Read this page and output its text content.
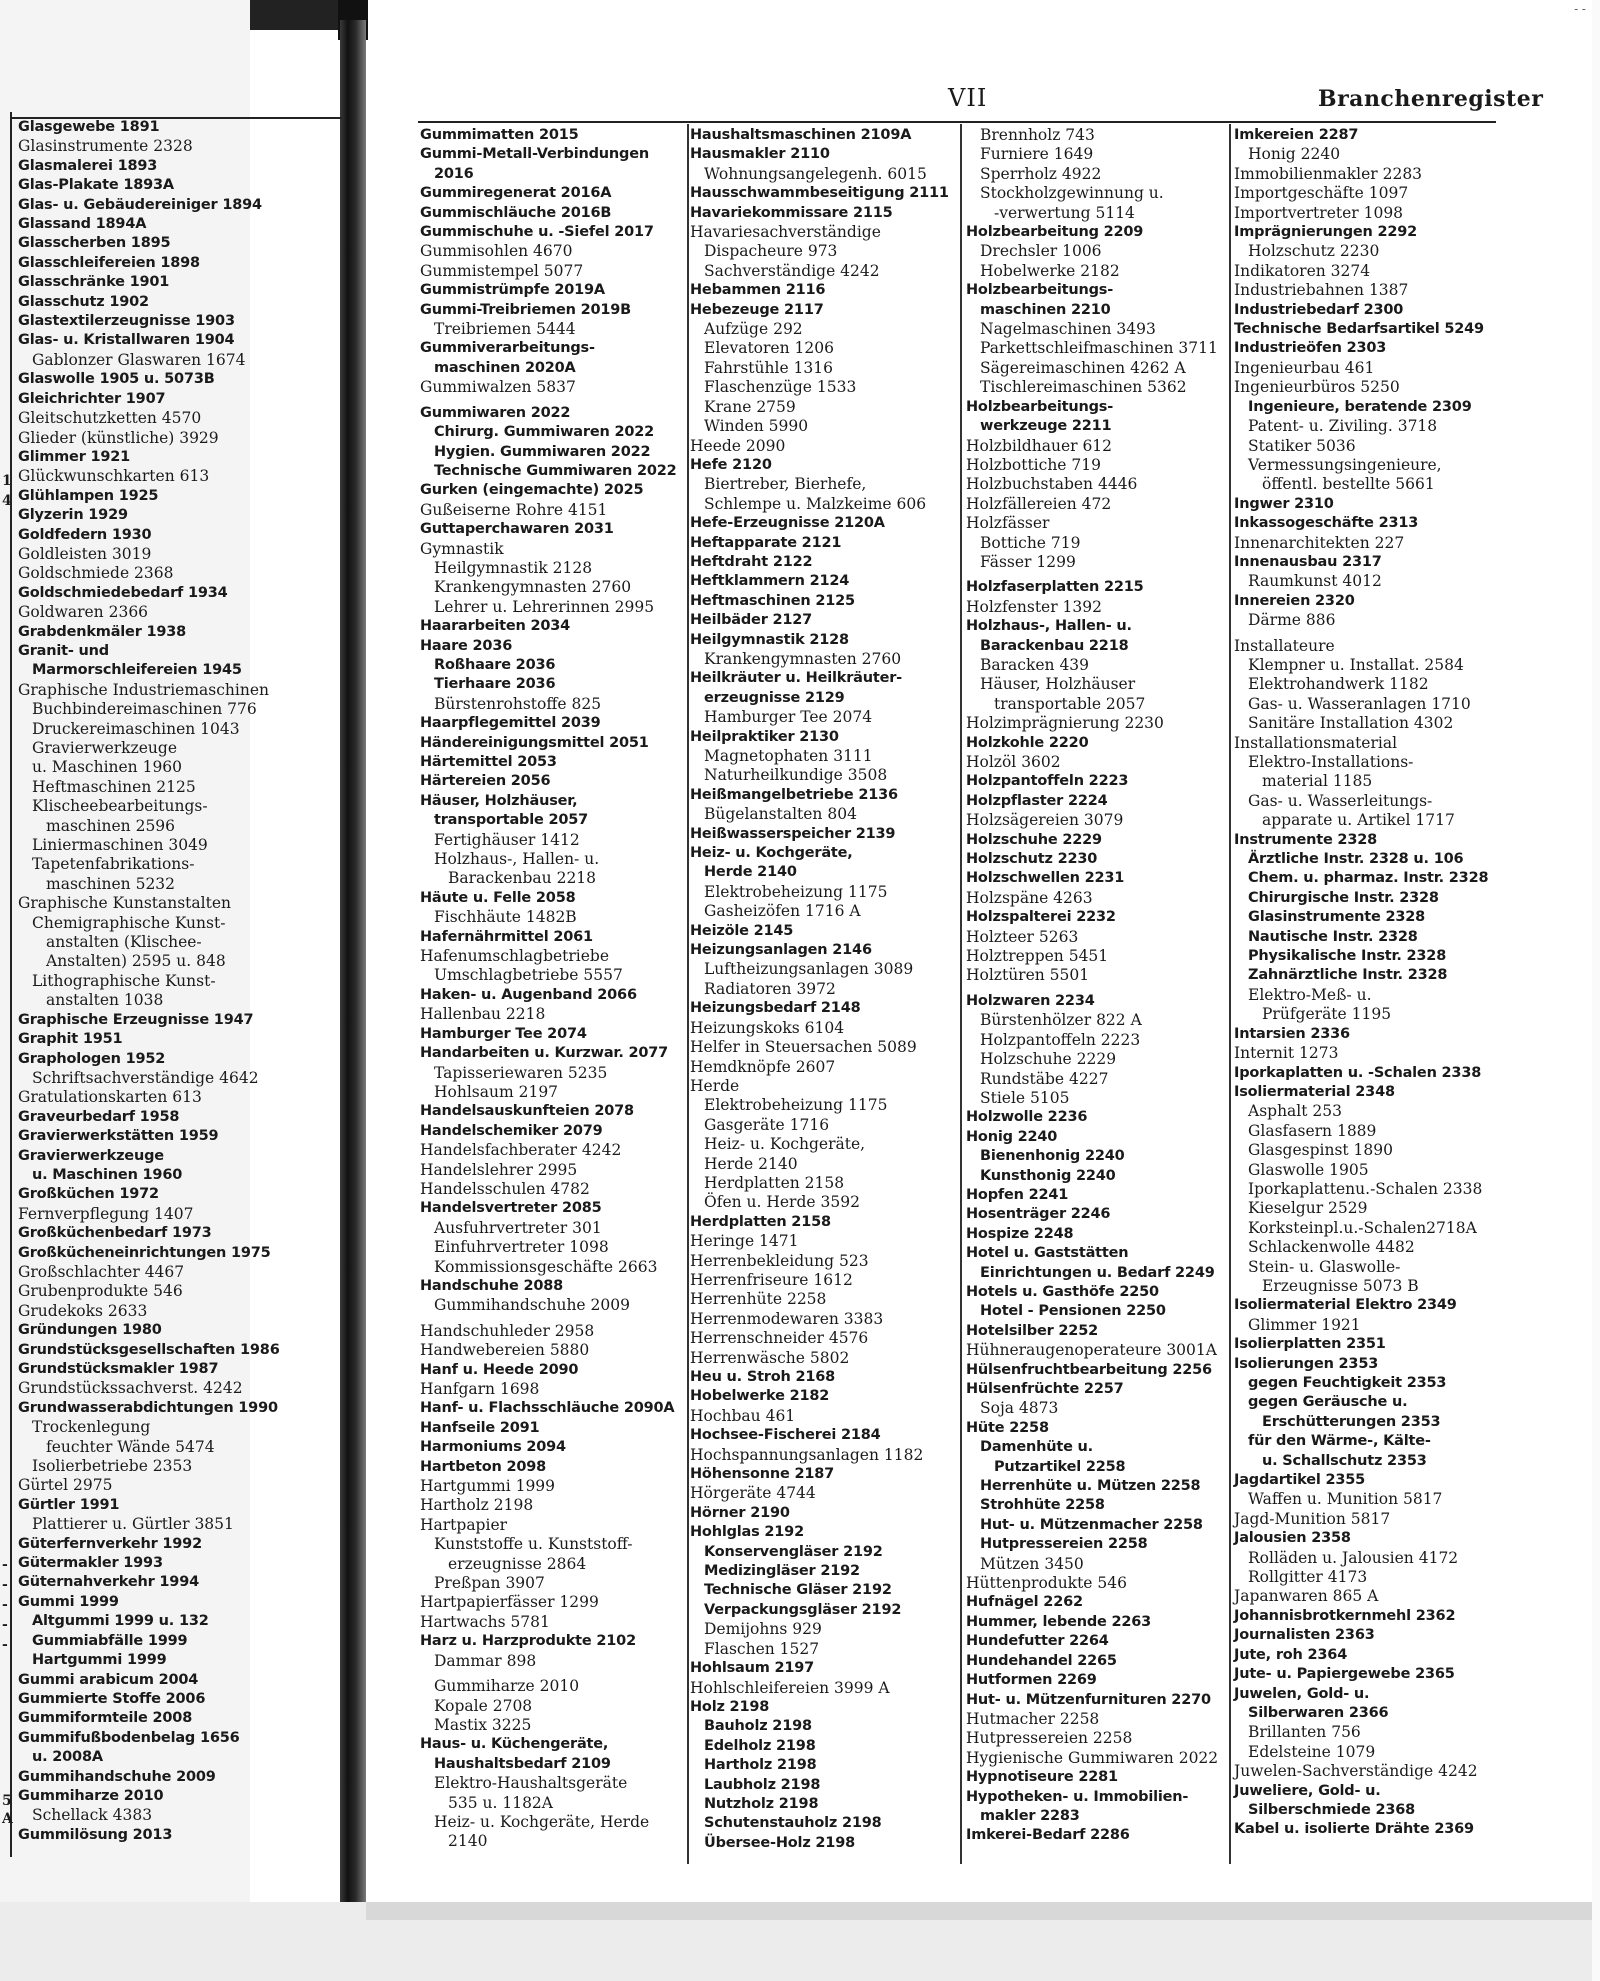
- -
1
4
-
-
-
-
-
5
A
Glasgewebe 1891
Glasinstrumente 2328
Glasmalerei 1893
Glas-Plakate 1893A
Glas- u. Gebäudereiniger 1894
Glassand 1894A
Glasscherben 1895
Glasschleifereien 1898
Glasschränke 1901
Glasschutz 1902
Glastextilerzeugnisse 1903
Glas- u. Kristallwaren 1904
Gablonzer Glaswaren 1674
Glaswolle 1905 u. 5073B
Gleichrichter 1907
Gleitschutzketten 4570
Glieder (künstliche) 3929
Glimmer 1921
Glückwunschkarten 613
Glühlampen 1925
Glyzerin 1929
Goldfedern 1930
Goldleisten 3019
Goldschmiede 2368
Goldschmiedebedarf 1934
Goldwaren 2366
Grabdenkmäler 1938
Granit- und
Marmorschleifereien 1945
Graphische Industriemaschinen
Buchbindereimaschinen 776
Druckereimaschinen 1043
Gravierwerkzeuge
u. Maschinen 1960
Heftmaschinen 2125
Klischeebearbeitungs-
maschinen 2596
Liniermaschinen 3049
Tapetenfabrikations-
maschinen 5232
Graphische Kunstanstalten
Chemigraphische Kunst-
anstalten (Klischee-
Anstalten) 2595 u. 848
Lithographische Kunst-
anstalten 1038
Graphische Erzeugnisse 1947
Graphit 1951
Graphologen 1952
Schriftsachverständige 4642
Gratulationskarten 613
Graveurbedarf 1958
Gravierwerkstätten 1959
Gravierwerkzeuge
u. Maschinen 1960
Großküchen 1972
Fernverpflegung 1407
Großküchenbedarf 1973
Großkücheneinrichtungen 1975
Großschlachter 4467
Grubenprodukte 546
Grudekoks 2633
Gründungen 1980
Grundstücksgesellschaften 1986
Grundstücksmakler 1987
Grundstückssachverst. 4242
Grundwasserabdichtungen 1990
Trockenlegung
feuchter Wände 5474
Isolierbetriebe 2353
Gürtel 2975
Gürtler 1991
Plattierer u. Gürtler 3851
Güterfernverkehr 1992
Gütermakler 1993
Güternahverkehr 1994
Gummi 1999
Altgummi 1999 u. 132
Gummiabfälle 1999
Hartgummi 1999
Gummi arabicum 2004
Gummierte Stoffe 2006
Gummiformteile 2008
Gummifußbodenbelag 1656
u. 2008A
Gummihandschuhe 2009
Gummiharze 2010
Schellack 4383
Gummilösung 2013
VII	Branchenregister
Gummimatten 2015
Gummi-Metall-Verbindungen
2016
Gummiregenerat 2016A
Gummischläuche 2016B
Gummischuhe u. -Siefel 2017
Gummisohlen 4670
Gummistempel 5077
Gummistrümpfe 2019A
Gummi-Treibriemen 2019B
Treibriemen 5444
Gummiverarbeitungs-
maschinen 2020A
Gummiwalzen 5837
Gummiwaren 2022
Chirurg. Gummiwaren 2022
Hygien. Gummiwaren 2022
Technische Gummiwaren 2022
Gurken (eingemachte) 2025
Gußeiserne Rohre 4151
Guttaperchawaren 2031
Gymnastik
Heilgymnastik 2128
Krankengymnasten 2760
Lehrer u. Lehrerinnen 2995
Haararbeiten 2034
Haare 2036
Roßhaare 2036
Tierhaare 2036
Bürstenrohstoffe 825
Haarpflegemittel 2039
Händereinigungsmittel 2051
Härtemittel 2053
Härtereien 2056
Häuser, Holzhäuser,
transportable 2057
Fertighäuser 1412
Holzhaus-, Hallen- u.
Barackenbau 2218
Häute u. Felle 2058
Fischhäute 1482B
Hafernährmittel 2061
Hafenumschlagbetriebe
Umschlagbetriebe 5557
Haken- u. Augenband 2066
Hallenbau 2218
Hamburger Tee 2074
Handarbeiten u. Kurzwar. 2077
Tapisseriewaren 5235
Hohlsaum 2197
Handelsauskunfteien 2078
Handelschemiker 2079
Handelsfachberater 4242
Handelslehrer 2995
Handelsschulen 4782
Handelsvertreter 2085
Ausfuhrvertreter 301
Einfuhrvertreter 1098
Kommissionsgeschäfte 2663
Handschuhe 2088
Gummihandschuhe 2009
Handschuhleder 2958
Handwebereien 5880
Hanf u. Heede 2090
Hanfgarn 1698
Hanf- u. Flachsschläuche 2090A
Hanfseile 2091
Harmoniums 2094
Hartbeton 2098
Hartgummi 1999
Hartholz 2198
Hartpapier
Kunststoffe u. Kunststoff-
erzeugnisse 2864
Preßpan 3907
Hartpapierfässer 1299
Hartwachs 5781
Harz u. Harzprodukte 2102
Dammar 898
Gummiharze 2010
Kopale 2708
Mastix 3225
Haus- u. Küchengeräte,
Haushaltsbedarf 2109
Elektro-Haushaltsgeräte
535 u. 1182A
Heiz- u. Kochgeräte, Herde
2140
Haushaltsmaschinen 2109A
Hausmakler 2110
Wohnungsangelegenh. 6015
Hausschwammbeseitigung 2111
Havariekommissare 2115
Havariesachverständige
Dispacheure 973
Sachverständige 4242
Hebammen 2116
Hebezeuge 2117
Aufzüge 292
Elevatoren 1206
Fahrstühle 1316
Flaschenzüge 1533
Krane 2759
Winden 5990
Heede 2090
Hefe 2120
Biertreber, Bierhefe,
Schlempe u. Malzkeime 606
Hefe-Erzeugnisse 2120A
Heftapparate 2121
Heftdraht 2122
Heftklammern 2124
Heftmaschinen 2125
Heilbäder 2127
Heilgymnastik 2128
Krankengymnasten 2760
Heilkräuter u. Heilkräuter-
erzeugnisse 2129
Hamburger Tee 2074
Heilpraktiker 2130
Magnetophaten 3111
Naturheilkundige 3508
Heißmangelbetriebe 2136
Bügelanstalten 804
Heißwasserspeicher 2139
Heiz- u. Kochgeräte,
Herde 2140
Elektrobeheizung 1175
Gasheizöfen 1716 A
Heizöle 2145
Heizungsanlagen 2146
Luftheizungsanlagen 3089
Radiatoren 3972
Heizungsbedarf 2148
Heizungskoks 6104
Helfer in Steuersachen 5089
Hemdknöpfe 2607
Herde
Elektrobeheizung 1175
Gasgeräte 1716
Heiz- u. Kochgeräte,
Herde 2140
Herdplatten 2158
Öfen u. Herde 3592
Herdplatten 2158
Heringe 1471
Herrenbekleidung 523
Herrenfriseure 1612
Herrenhüte 2258
Herrenmodewaren 3383
Herrenschneider 4576
Herrenwäsche 5802
Heu u. Stroh 2168
Hobelwerke 2182
Hochbau 461
Hochsee-Fischerei 2184
Hochspannungsanlagen 1182
Höhensonne 2187
Hörgeräte 4744
Hörner 2190
Hohlglas 2192
Konservengläser 2192
Medizingläser 2192
Technische Gläser 2192
Verpackungsgläser 2192
Demijohns 929
Flaschen 1527
Hohlsaum 2197
Hohlschleifereien 3999 A
Holz 2198
Bauholz 2198
Edelholz 2198
Hartholz 2198
Laubholz 2198
Nutzholz 2198
Schutenstauholz 2198
Übersee-Holz 2198
Brennholz 743
Furniere 1649
Sperrholz 4922
Stockholzgewinnung u.
-verwertung 5114
Holzbearbeitung 2209
Drechsler 1006
Hobelwerke 2182
Holzbearbeitungs-
maschinen 2210
Nagelmaschinen 3493
Parkettschleifmaschinen 3711
Sägereimaschinen 4262 A
Tischlereimaschinen 5362
Holzbearbeitungs-
werkzeuge 2211
Holzbildhauer 612
Holzbottiche 719
Holzbuchstaben 4446
Holzfällereien 472
Holzfässer
Bottiche 719
Fässer 1299
Holzfaserplatten 2215
Holzfenster 1392
Holzhaus-, Hallen- u.
Barackenbau 2218
Baracken 439
Häuser, Holzhäuser
transportable 2057
Holzimprägnierung 2230
Holzkohle 2220
Holzöl 3602
Holzpantoffeln 2223
Holzpflaster 2224
Holzsägereien 3079
Holzschuhe 2229
Holzschutz 2230
Holzschwellen 2231
Holzspäne 4263
Holzspalterei 2232
Holzteer 5263
Holztreppen 5451
Holztüren 5501
Holzwaren 2234
Bürstenhölzer 822 A
Holzpantoffeln 2223
Holzschuhe 2229
Rundstäbe 4227
Stiele 5105
Holzwolle 2236
Honig 2240
Bienenhonig 2240
Kunsthonig 2240
Hopfen 2241
Hosenträger 2246
Hospize 2248
Hotel u. Gaststätten
Einrichtungen u. Bedarf 2249
Hotels u. Gasthöfe 2250
Hotel - Pensionen 2250
Hotelsilber 2252
Hühneraugenoperateure 3001A
Hülsenfruchtbearbeitung 2256
Hülsenfrüchte 2257
Soja 4873
Hüte 2258
Damenhüte u.
Putzartikel 2258
Herrenhüte u. Mützen 2258
Strohhüte 2258
Hut- u. Mützenmacher 2258
Hutpressereien 2258
Mützen 3450
Hüttenprodukte 546
Hufnägel 2262
Hummer, lebende 2263
Hundefutter 2264
Hundehandel 2265
Hutformen 2269
Hut- u. Mützenfurnituren 2270
Hutmacher 2258
Hutpressereien 2258
Hygienische Gummiwaren 2022
Hypnotiseure 2281
Hypotheken- u. Immobilien-
makler 2283
Imkerei-Bedarf 2286
Imkereien 2287
Honig 2240
Immobilienmakler 2283
Importgeschäfte 1097
Importvertreter 1098
Imprägnierungen 2292
Holzschutz 2230
Indikatoren 3274
Industriebahnen 1387
Industriebedarf 2300
Technische Bedarfsartikel 5249
Industrieöfen 2303
Ingenieurbau 461
Ingenieurbüros 5250
Ingenieure, beratende 2309
Patent- u. Ziviling. 3718
Statiker 5036
Vermessungsingenieure,
öffentl. bestellte 5661
Ingwer 2310
Inkassogeschäfte 2313
Innenarchitekten 227
Innenausbau 2317
Raumkunst 4012
Innereien 2320
Därme 886
Installateure
Klempner u. Installat. 2584
Elektrohandwerk 1182
Gas- u. Wasseranlagen 1710
Sanitäre Installation 4302
Installationsmaterial
Elektro-Installations-
material 1185
Gas- u. Wasserleitungs-
apparate u. Artikel 1717
Instrumente 2328
Ärztliche Instr. 2328 u. 106
Chem. u. pharmaz. Instr. 2328
Chirurgische Instr. 2328
Glasinstrumente 2328
Nautische Instr. 2328
Physikalische Instr. 2328
Zahnärztliche Instr. 2328
Elektro-Meß- u.
Prüfgeräte 1195
Intarsien 2336
Internit 1273
Iporkaplatten u. -Schalen 2338
Isoliermaterial 2348
Asphalt 253
Glasfasern 1889
Glasgespinst 1890
Glaswolle 1905
Iporkaplattenu.-Schalen 2338
Kieselgur 2529
Korksteinpl.u.-Schalen2718A
Schlackenwolle 4482
Stein- u. Glaswolle-
Erzeugnisse 5073 B
Isoliermaterial Elektro 2349
Glimmer 1921
Isolierplatten 2351
Isolierungen 2353
gegen Feuchtigkeit 2353
gegen Geräusche u.
Erschütterungen 2353
für den Wärme-, Kälte-
u. Schallschutz 2353
Jagdartikel 2355
Waffen u. Munition 5817
Jagd-Munition 5817
Jalousien 2358
Rolläden u. Jalousien 4172
Rollgitter 4173
Japanwaren 865 A
Johannisbrotkernmehl 2362
Journalisten 2363
Jute, roh 2364
Jute- u. Papiergewebe 2365
Juwelen, Gold- u.
Silberwaren 2366
Brillanten 756
Edelsteine 1079
Juwelen-Sachverständige 4242
Juweliere, Gold- u.
Silberschmiede 2368
Kabel u. isolierte Drähte 2369
